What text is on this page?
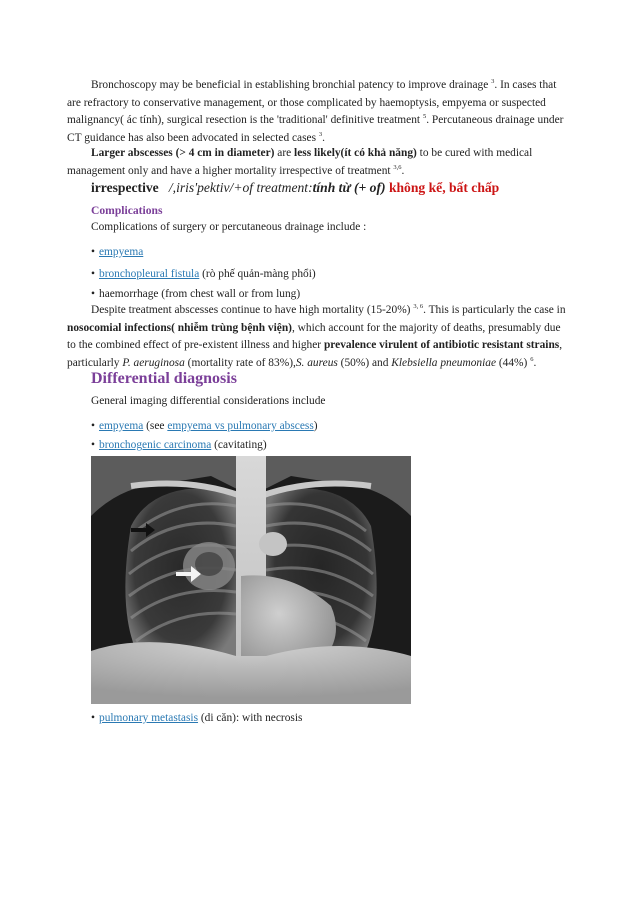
Bronchoscopy may be beneficial in establishing bronchial patency to improve drainage $^3$. In cases that are refractory to conservative management, or those complicated by haemoptysis, empyema or suspected malignancy( ác tính), surgical resection is the 'traditional' definitive treatment $^5$. Percutaneous drainage under CT guidance has also been advocated in selected cases $^3$.

Larger abscesses (> 4 cm in diameter) are less likely(ít có khả năng) to be cured with medical management only and have a higher mortality irrespective of treatment $^{3,6}$.

irrespective /,iris'pektiv/+of treatment:tính từ (+ of) không kể, bất chấp

Complications

Complications of surgery or percutaneous drainage include :

• empyema
• bronchopleural fistula (rò phế quản-màng phổi)
• haemorrhage (from chest wall or from lung)

Despite treatment abscesses continue to have high mortality (15-20%) $^{3, 6}$. This is particularly the case in nosocomial infections( nhiễm trùng bệnh viện), which account for the majority of deaths, presumably due to the combined effect of pre-existent illness and higher prevalence virulent of antibiotic resistant strains, particularly P. aeruginosa (mortality rate of 83%),S. aureus (50%) and Klebsiella pneumoniae (44%) $^6$.

Differential diagnosis

General imaging differential considerations include

• empyema (see empyema vs pulmonary abscess)
• bronchogenic carcinoma (cavitating)
• pulmonary metastasis (di căn): with necrosis
